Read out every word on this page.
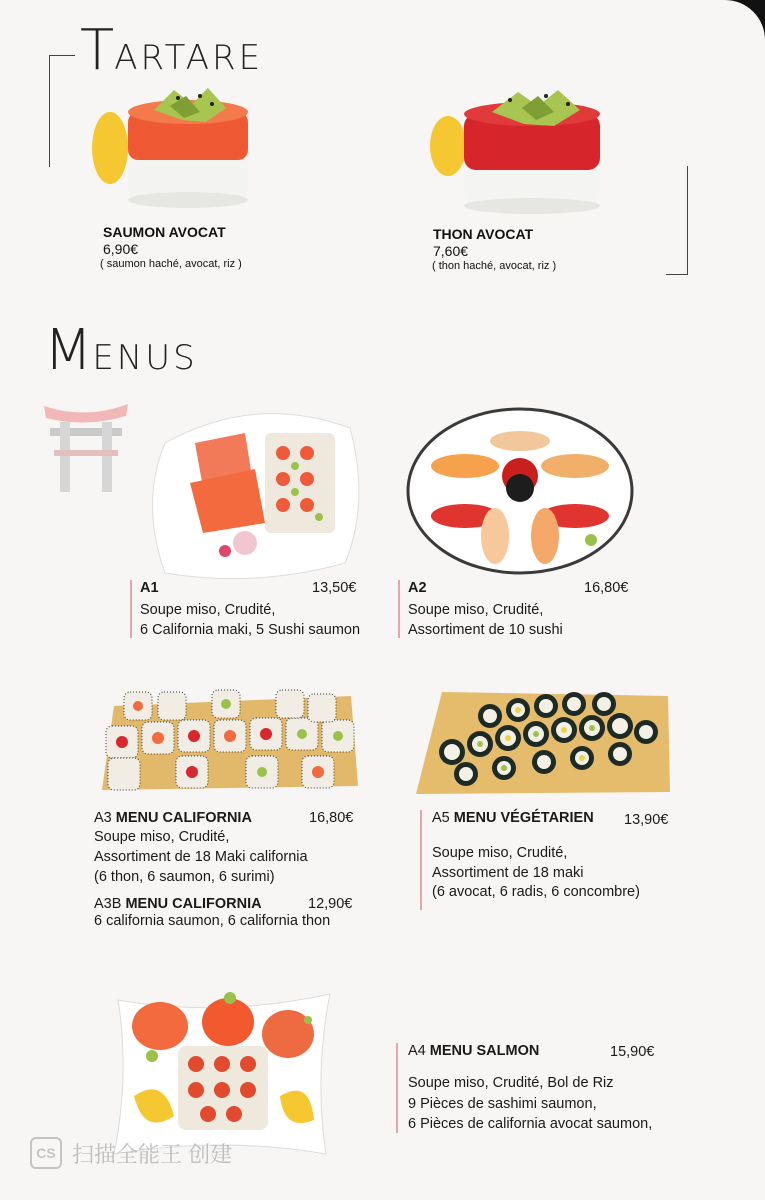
TARTARE
SAUMON AVOCAT
6,90€
( saumon haché, avocat, riz )
THON AVOCAT
7,60€
( thon haché, avocat, riz )
MENUS
A1	13,50€
Soupe miso, Crudité,
6 California maki, 5 Sushi saumon
A2	16,80€
Soupe miso, Crudité,
Assortiment de 10 sushi
A3 MENU CALIFORNIA	16,80€
Soupe miso, Crudité,
Assortiment de 18 Maki california
(6 thon, 6 saumon, 6 surimi)
A3B MENU CALIFORNIA	12,90€
6 california saumon, 6 california thon
A5 MENU VÉGÉTARIEN 13,90€
Soupe miso, Crudité,
Assortiment de 18 maki
(6 avocat, 6 radis, 6 concombre)
A4 MENU SALMON	15,90€
Soupe miso, Crudité, Bol de Riz
9 Pièces de sashimi saumon,
6 Pièces de california avocat saumon,
CS 扫描全能王 创建
